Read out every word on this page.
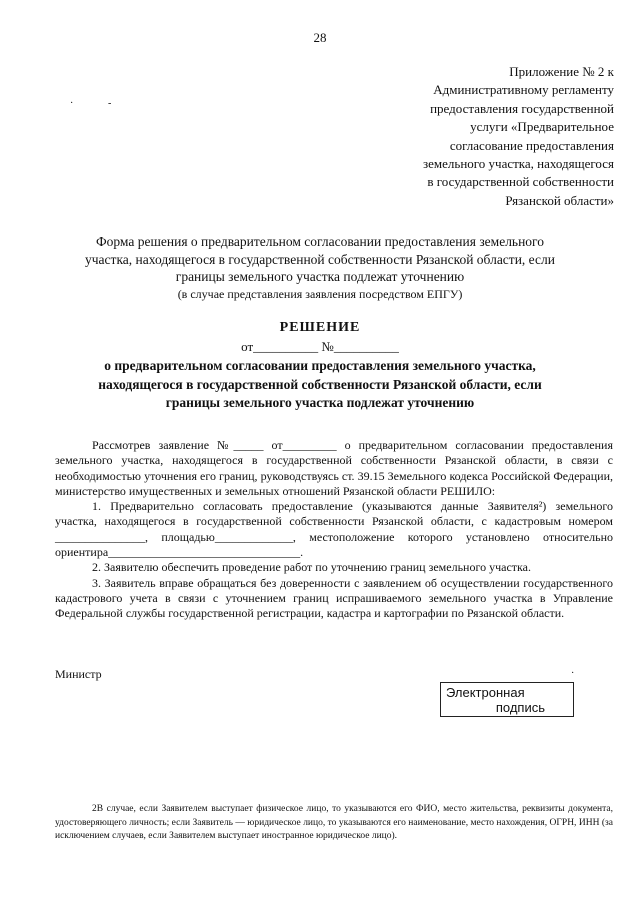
28
Приложение № 2 к
Административному регламенту
предоставления государственной
услуги «Предварительное
согласование предоставления
земельного участка, находящегося
в государственной собственности
Рязанской области»
·	-
Форма решения о предварительном согласовании предоставления земельного
участка, находящегося в государственной собственности Рязанской области, если
границы земельного участка подлежат уточнению
(в случае представления заявления посредством ЕПГУ)
РЕШЕНИЕ
от__________ №__________
о предварительном согласовании предоставления земельного участка,
находящегося в государственной собственности Рязанской области, если
границы земельного участка подлежат уточнению

Рассмотрев заявление №_____ от_________ о предварительном согласовании предоставления земельного участка, находящегося в государственной собственности Рязанской области, в связи с необходимостью уточнения его границ, руководствуясь ст. 39.15 Земельного кодекса Российской Федерации, министерство имущественных и земельных отношений Рязанской области РЕШИЛО:

1. Предварительно согласовать предоставление (указываются данные Заявителя²) земельного участка, находящегося в государственной собственности Рязанской области, с кадастровым номером _______________, площадью_____________, местоположение которого установлено относительно ориентира________________________________.

2. Заявителю обеспечить проведение работ по уточнению границ земельного участка.

3. Заявитель вправе обращаться без доверенности с заявлением об осуществлении государственного кадастрового учета в связи с уточнением границ испрашиваемого земельного участка в Управление Федеральной службы государственной регистрации, кадастра и картографии по Рязанской области.

Министр	·
Электронная
подпись
2В случае, если Заявителем выступает физическое лицо, то указываются его ФИО, место жительства, реквизиты документа, удостоверяющего личность; если Заявитель — юридическое лицо, то указываются его наименование, место нахождения, ОГРН, ИНН (за исключением случаев, если Заявителем выступает иностранное юридическое лицо).
